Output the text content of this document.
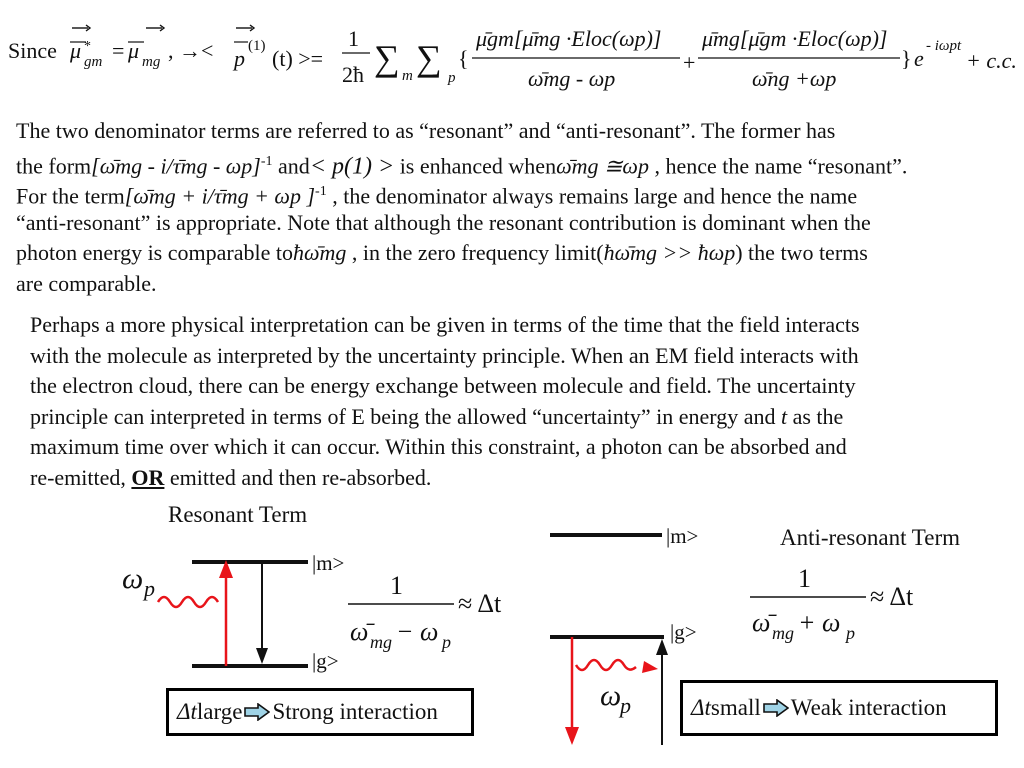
Since μ *
gm = μ mg , →< p (1) (t) >=
1
2ħ ∑ m ∑ p
{
μ̄gm[μ̄mg ·Eloc(ωp)]
ω̄mg - ωp
+
μ̄mg[μ̄gm ·Eloc(ωp)]
ω̄ng +ωp
} e - iωpt
+ c.c.
The two denominator terms are referred to as “resonant” and “anti-resonant”. The former has
the form[ω̄mg - i/τ̄mg - ωp]$^{-1}$ and< p(1) > is enhanced whenω̄mg ≅ωp , hence the name “resonant”.
For the term[ω̄mg + i/τ̄mg + ωp ]$^{-1}$ , the denominator always remains large and hence the name
“anti-resonant” is appropriate. Note that although the resonant contribution is dominant when the
photon energy is comparable toħω̄mg , in the zero frequency limit(ħω̄mg >> ħωp) the two terms
are comparable.
Perhaps a more physical interpretation can be given in terms of the time that the field interacts
with the molecule as interpreted by the uncertainty principle. When an EM field interacts with
the electron cloud, there can be energy exchange between molecule and field. The uncertainty
principle can interpreted in terms of E being the allowed “uncertainty” in energy and t as the
maximum time over which it can occur. Within this constraint, a photon can be absorbed and
re-emitted, OR emitted and then re-absorbed.
Resonant Term
ω p
|m>
|g>
1
ω̄ mg − ω p
≈ Δt
Δt large Strong interaction
|m>
|g>
ω
p
Anti-resonant Term
1
ω̄ mg + ω p
≈ Δt
Δt small Weak interaction
